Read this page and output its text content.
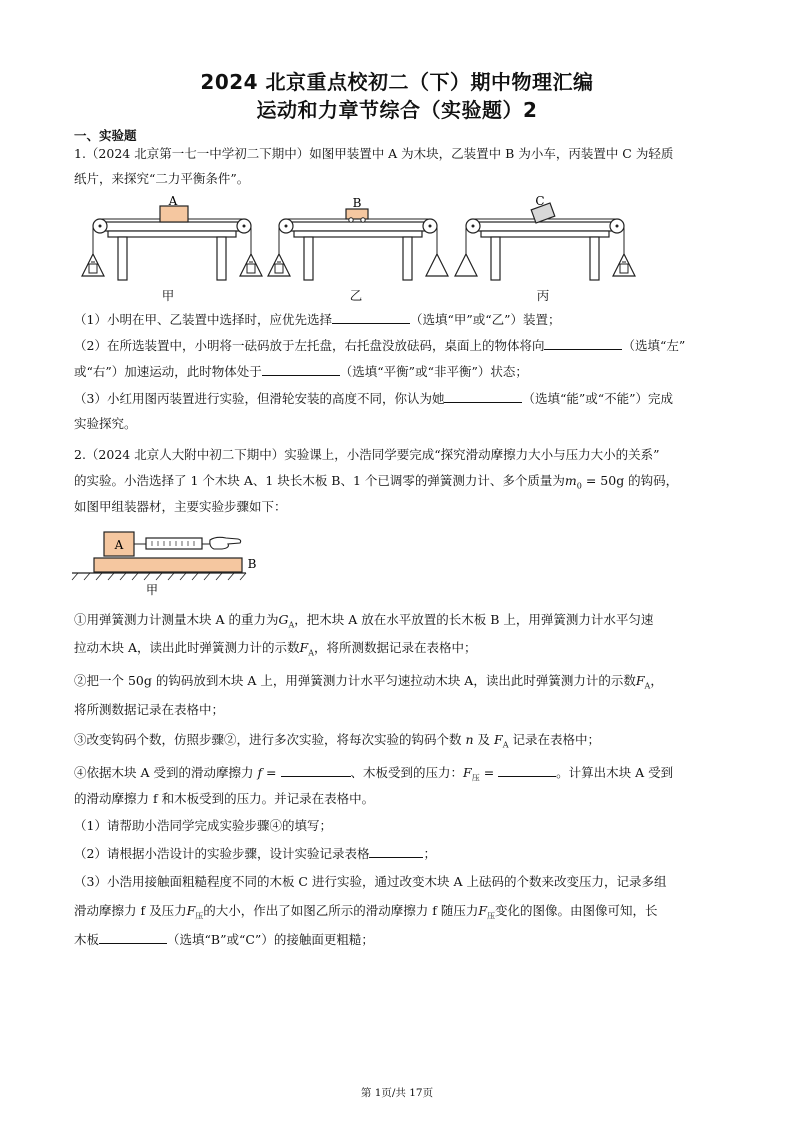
2024 北京重点校初二（下）期中物理汇编
运动和力章节综合（实验题）2
一、实验题
1.（2024 北京第一七一中学初二下期中）如图甲装置中 A 为木块，乙装置中 B 为小车，丙装置中 C 为轻质
纸片，来探究“二力平衡条件”。
A	B	C
甲	乙	丙
（1）小明在甲、乙装置中选择时，应优先选择	（选填“甲”或“乙”）装置；
（2）在所选装置中，小明将一砝码放于左托盘，右托盘没放砝码，桌面上的物体将向	（选填“左”
或“右”）加速运动，此时物体处于	（选填“平衡”或“非平衡”）状态；
（3）小红用图丙装置进行实验，但滑轮安装的高度不同，你认为她	（选填“能”或“不能”）完成
实验探究。
2.（2024 北京人大附中初二下期中）实验课上，小浩同学要完成“探究滑动摩擦力大小与压力大小的关系”
的实验。小浩选择了 1 个木块 A、1 块长木板 B、1 个已调零的弹簧测力计、多个质量为$m_0 = 50g$ 的钩码，
如图甲组装器材，主要实验步骤如下：
A
B
甲
①用弹簧测力计测量木块 A 的重力为$G_A$，把木块 A 放在水平放置的长木板 B 上，用弹簧测力计水平匀速
拉动木块 A，读出此时弹簧测力计的示数$F_A$，将所测数据记录在表格中；
②把一个 50g 的钩码放到木块 A 上，用弹簧测力计水平匀速拉动木块 A，读出此时弹簧测力计的示数$F_A$，
将所测数据记录在表格中；
③改变钩码个数，仿照步骤②，进行多次实验，将每次实验的钩码个数 n 及 $F_A$ 记录在表格中；
④依据木块 A 受到的滑动摩擦力 f =	、木板受到的压力：$F_压$ =	。计算出木块 A 受到
的滑动摩擦力 f 和木板受到的压力。并记录在表格中。
（1）请帮助小浩同学完成实验步骤④的填写；
（2）请根据小浩设计的实验步骤，设计实验记录表格	；
（3）小浩用接触面粗糙程度不同的木板 C 进行实验，通过改变木块 A 上砝码的个数来改变压力，记录多组
滑动摩擦力 f 及压力$F_压$的大小，作出了如图乙所示的滑动摩擦力 f 随压力$F_压$变化的图像。由图像可知，长
木板	（选填“B”或“C”）的接触面更粗糙；
第 1页/共 17页
